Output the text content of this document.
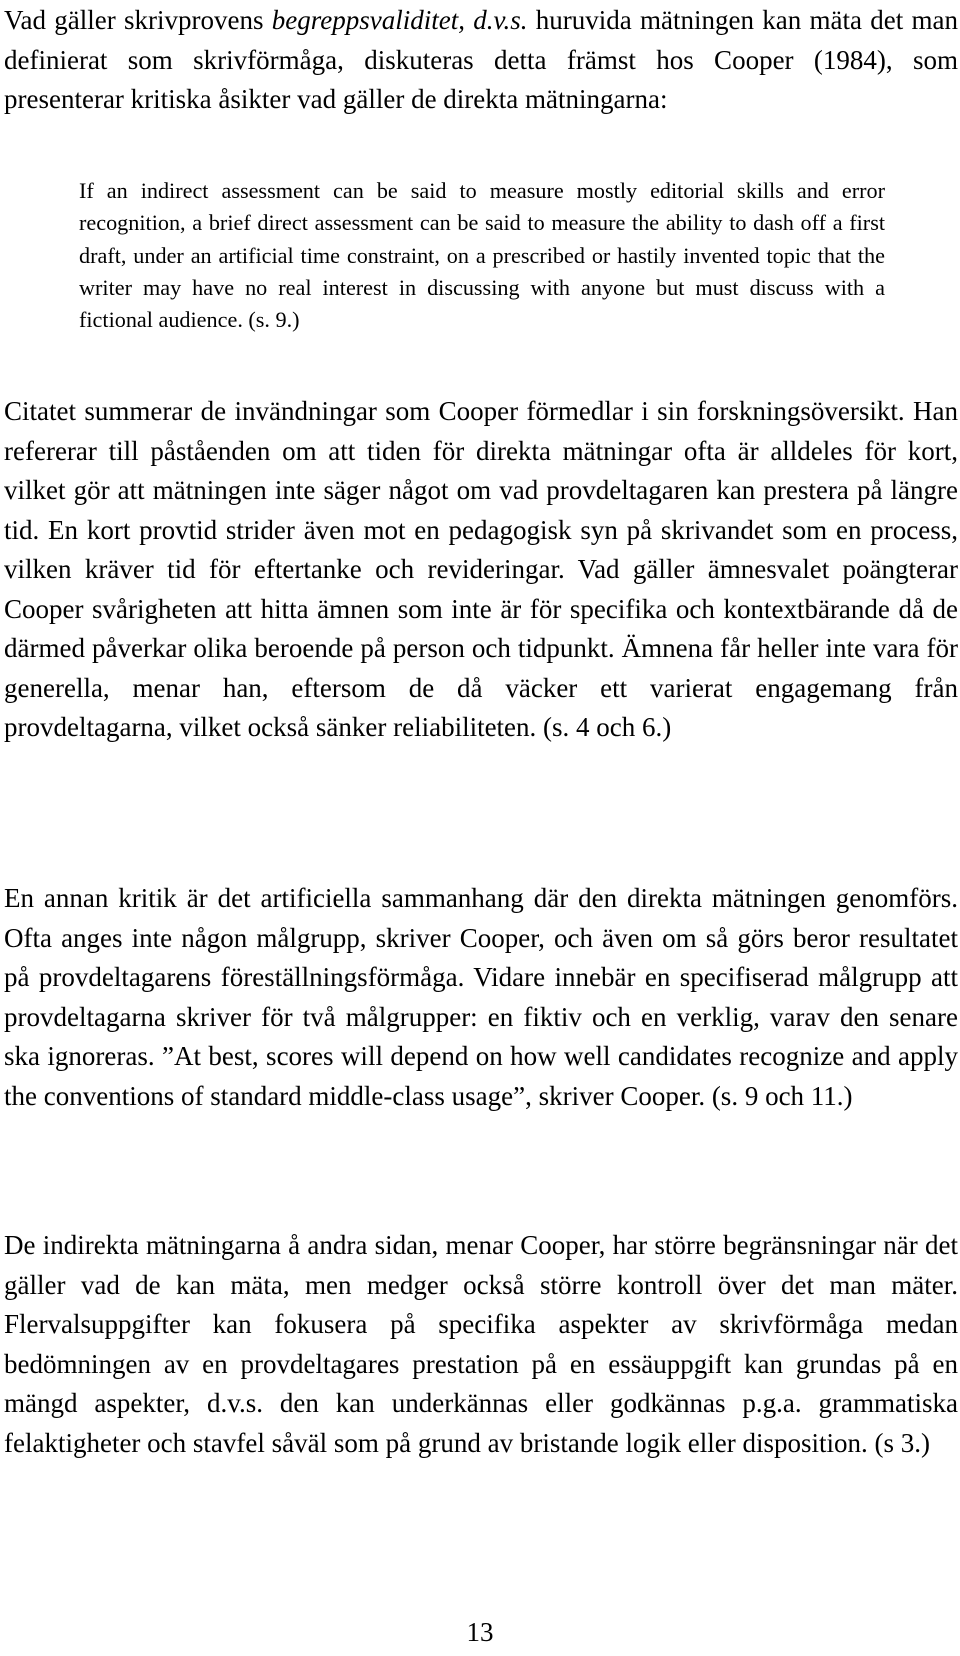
Vad gäller skrivprovens begreppsvaliditet, d.v.s. huruvida mätningen kan mäta det man definierat som skrivförmåga, diskuteras detta främst hos Cooper (1984), som presenterar kritiska åsikter vad gäller de direkta mätningarna:

If an indirect assessment can be said to measure mostly editorial skills and error recognition, a brief direct assessment can be said to measure the ability to dash off a first draft, under an artificial time constraint, on a prescribed or hastily invented topic that the writer may have no real interest in discussing with anyone but must discuss with a fictional audience. (s. 9.)

Citatet summerar de invändningar som Cooper förmedlar i sin forskningsöversikt. Han refererar till påståenden om att tiden för direkta mätningar ofta är alldeles för kort, vilket gör att mätningen inte säger något om vad provdeltagaren kan prestera på längre tid. En kort provtid strider även mot en pedagogisk syn på skrivandet som en process, vilken kräver tid för eftertanke och revideringar. Vad gäller ämnesvalet poängterar Cooper svårigheten att hitta ämnen som inte är för specifika och kontextbärande då de därmed påverkar olika beroende på person och tidpunkt. Ämnena får heller inte vara för generella, menar han, eftersom de då väcker ett varierat engagemang från provdeltagarna, vilket också sänker reliabiliteten. (s. 4 och 6.)

En annan kritik är det artificiella sammanhang där den direkta mätningen genomförs. Ofta anges inte någon målgrupp, skriver Cooper, och även om så görs beror resultatet på provdeltagarens föreställningsförmåga. Vidare innebär en specifiserad målgrupp att provdeltagarna skriver för två målgrupper: en fiktiv och en verklig, varav den senare ska ignoreras. ”At best, scores will depend on how well candidates recognize and apply the conventions of standard middle-class usage”, skriver Cooper. (s. 9 och 11.)

De indirekta mätningarna å andra sidan, menar Cooper, har större begränsningar när det gäller vad de kan mäta, men medger också större kontroll över det man mäter. Flervalsuppgifter kan fokusera på specifika aspekter av skrivförmåga medan bedömningen av en provdeltagares prestation på en essäuppgift kan grundas på en mängd aspekter, d.v.s. den kan underkännas eller godkännas p.g.a. grammatiska felaktigheter och stavfel såväl som på grund av bristande logik eller disposition. (s 3.)

13
